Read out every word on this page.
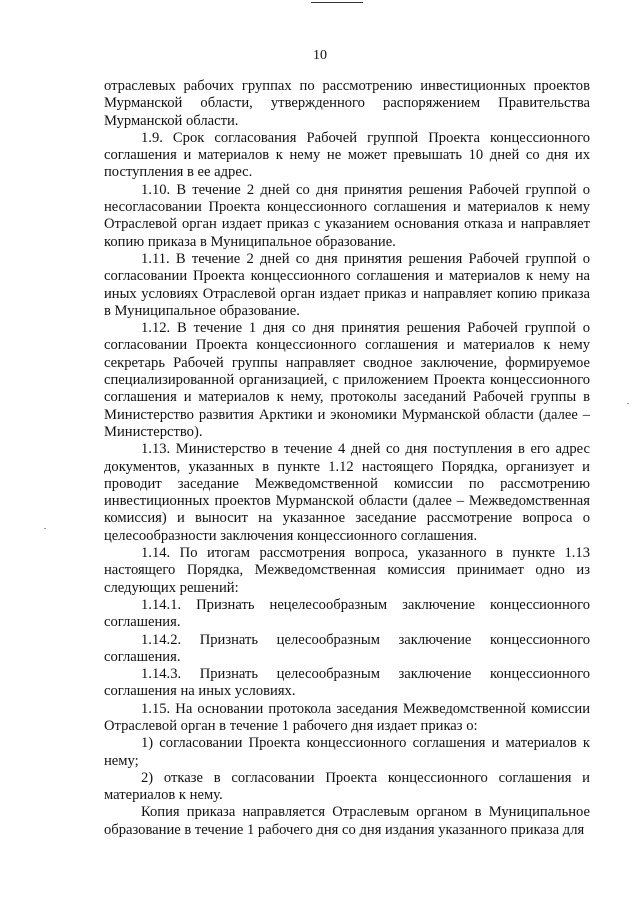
10

отраслевых рабочих группах по рассмотрению инвестиционных проектов Мурманской области, утвержденного распоряжением Правительства Мурманской области.

1.9. Срок согласования Рабочей группой Проекта концессионного соглашения и материалов к нему не может превышать 10 дней со дня их поступления в ее адрес.

1.10. В течение 2 дней со дня принятия решения Рабочей группой о несогласовании Проекта концессионного соглашения и материалов к нему Отраслевой орган издает приказ с указанием основания отказа и направляет копию приказа в Муниципальное образование.

1.11. В течение 2 дней со дня принятия решения Рабочей группой о согласовании Проекта концессионного соглашения и материалов к нему на иных условиях Отраслевой орган издает приказ и направляет копию приказа в Муниципальное образование.

1.12. В течение 1 дня со дня принятия решения Рабочей группой о согласовании Проекта концессионного соглашения и материалов к нему секретарь Рабочей группы направляет сводное заключение, формируемое специализированной организацией, с приложением Проекта концессионного соглашения и материалов к нему, протоколы заседаний Рабочей группы в Министерство развития Арктики и экономики Мурманской области (далее – Министерство).

1.13. Министерство в течение 4 дней со дня поступления в его адрес документов, указанных в пункте 1.12 настоящего Порядка, организует и проводит заседание Межведомственной комиссии по рассмотрению инвестиционных проектов Мурманской области (далее – Межведомственная комиссия) и выносит на указанное заседание рассмотрение вопроса о целесообразности заключения концессионного соглашения.

1.14. По итогам рассмотрения вопроса, указанного в пункте 1.13 настоящего Порядка, Межведомственная комиссия принимает одно из следующих решений:

1.14.1. Признать нецелесообразным заключение концессионного

соглашения.

1.14.2. Признать целесообразным заключение концессионного

соглашения.

1.14.3. Признать целесообразным заключение концессионного

соглашения на иных условиях.

1.15. На основании протокола заседания Межведомственной комиссии Отраслевой орган в течение 1 рабочего дня издает приказ о:

1) согласовании Проекта концессионного соглашения и материалов к нему;

2) отказе в согласовании Проекта концессионного соглашения и материалов к нему.

Копия приказа направляется Отраслевым органом в Муниципальное образование в течение 1 рабочего дня со дня издания указанного приказа для
